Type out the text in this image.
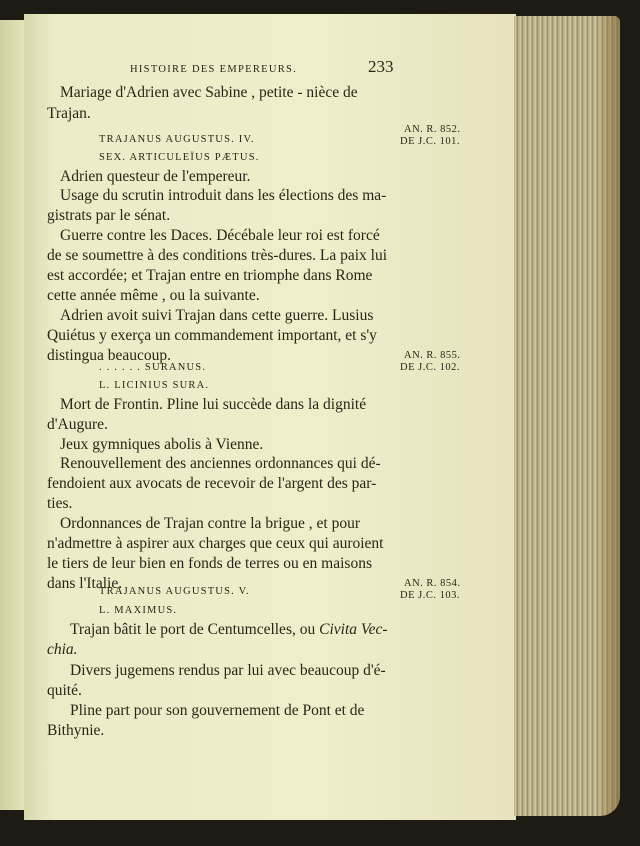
HISTOIRE DES EMPEREURS.	233
Mariage d'Adrien avec Sabine , petite - nièce de
Trajan.
TRAJANUS AUGUSTUS. IV.
SEX. ARTICULEÏUS PÆTUS.
Adrien questeur de l'empereur.
Usage du scrutin introduit dans les élections des ma-
gistrats par le sénat.
Guerre contre les Daces. Décébale leur roi est forcé
de se soumettre à des conditions très-dures. La paix lui
est accordée; et Trajan entre en triomphe dans Rome
cette année même , ou la suivante.
Adrien avoit suivi Trajan dans cette guerre. Lusius
Quiétus y exerça un commandement important, et s'y
distingua beaucoup.
. . . . . . SURANUS.
L. LICINIUS SURA.
Mort de Frontin. Pline lui succède dans la dignité
d'Augure.
Jeux gymniques abolis à Vienne.
Renouvellement des anciennes ordonnances qui dé-
fendoient aux avocats de recevoir de l'argent des par-
ties.
Ordonnances de Trajan contre la brigue , et pour
n'admettre à aspirer aux charges que ceux qui auroient
le tiers de leur bien en fonds de terres ou en maisons
dans l'Italie.
TRAJANUS AUGUSTUS. V.
L. MAXIMUS.
Trajan bâtit le port de Centumcelles, ou Civita Vec-
chia.
Divers jugemens rendus par lui avec beaucoup d'é-
quité.
Pline part pour son gouvernement de Pont et de
Bithynie.
AN. R. 852.
DE J.C. 101.
AN. R. 855.
DE J.C. 102.
AN. R. 854.
DE J.C. 103.
